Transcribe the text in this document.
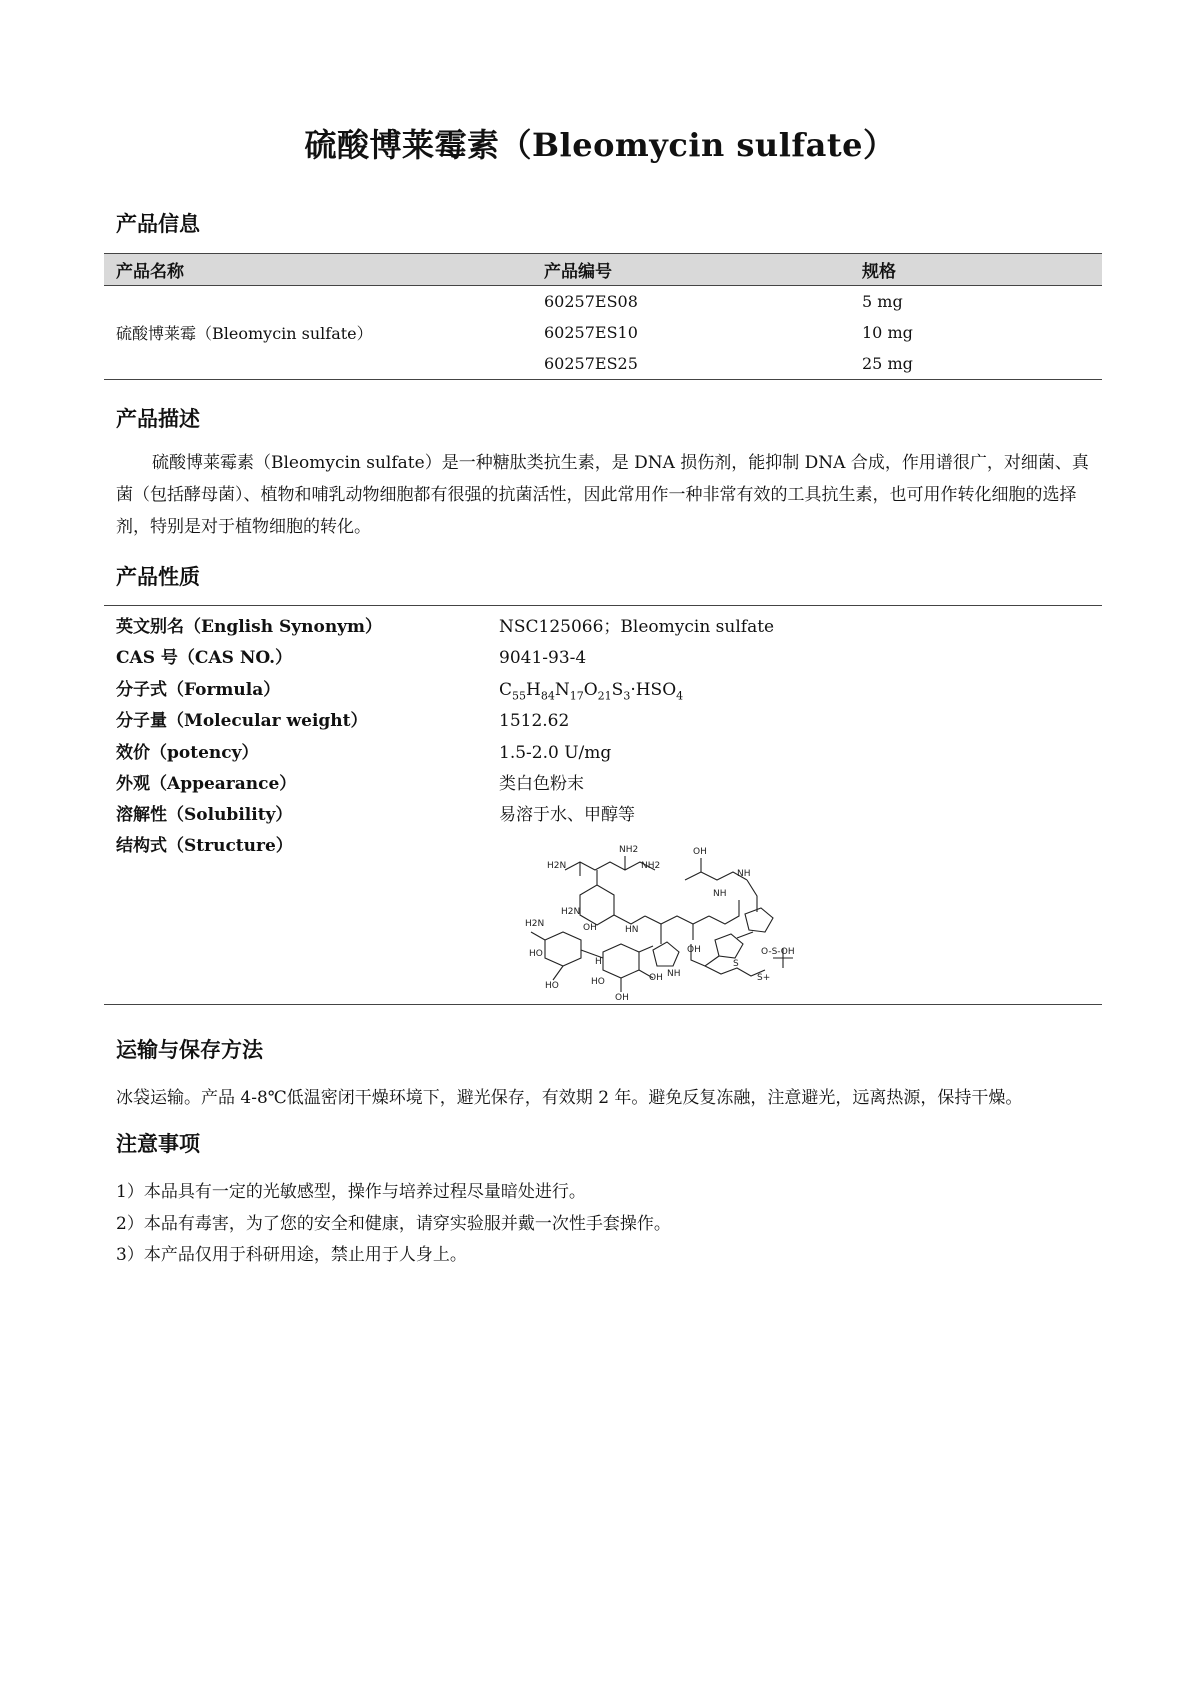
硫酸博莱霉素（Bleomycin sulfate）
产品信息
产品名称	产品编号	规格
硫酸博莱霉（Bleomycin sulfate）	60257ES08	5 mg
	60257ES10	10 mg
	60257ES25	25 mg
产品描述
硫酸博莱霉素（Bleomycin sulfate）是一种糖肽类抗生素，是 DNA 损伤剂，能抑制 DNA 合成，作用谱很广，对细菌、真菌（包括酵母菌）、植物和哺乳动物细胞都有很强的抗菌活性，因此常用作一种非常有效的工具抗生素，也可用作转化细胞的选择剂，特别是对于植物细胞的转化。
产品性质
英文别名（English Synonym）	NSC125066；Bleomycin sulfate
CAS 号（CAS NO.）	9041-93-4
分子式（Formula）	$C_{55}H_{84}N_{17}O_{21}S_3\cdot HSO_4$
分子量（Molecular weight）	1512.62
效价（potency）	1.5-2.0 U/mg
外观（Appearance）	类白色粉末
溶解性（Solubility）	易溶于水、甲醇等
结构式（Structure）
H2N
NH2
NH2
OH
NH
NH
H2N
HN
OH
H2N	OH
HO
NH
H
HO	HO
OH
OH
S
S+
O-S-OH
运输与保存方法
冰袋运输。产品 4-8℃低温密闭干燥环境下，避光保存，有效期 2 年。避免反复冻融，注意避光，远离热源，保持干燥。
注意事项
1）本品具有一定的光敏感型，操作与培养过程尽量暗处进行。
2）本品有毒害，为了您的安全和健康，请穿实验服并戴一次性手套操作。
3）本产品仅用于科研用途，禁止用于人身上。
